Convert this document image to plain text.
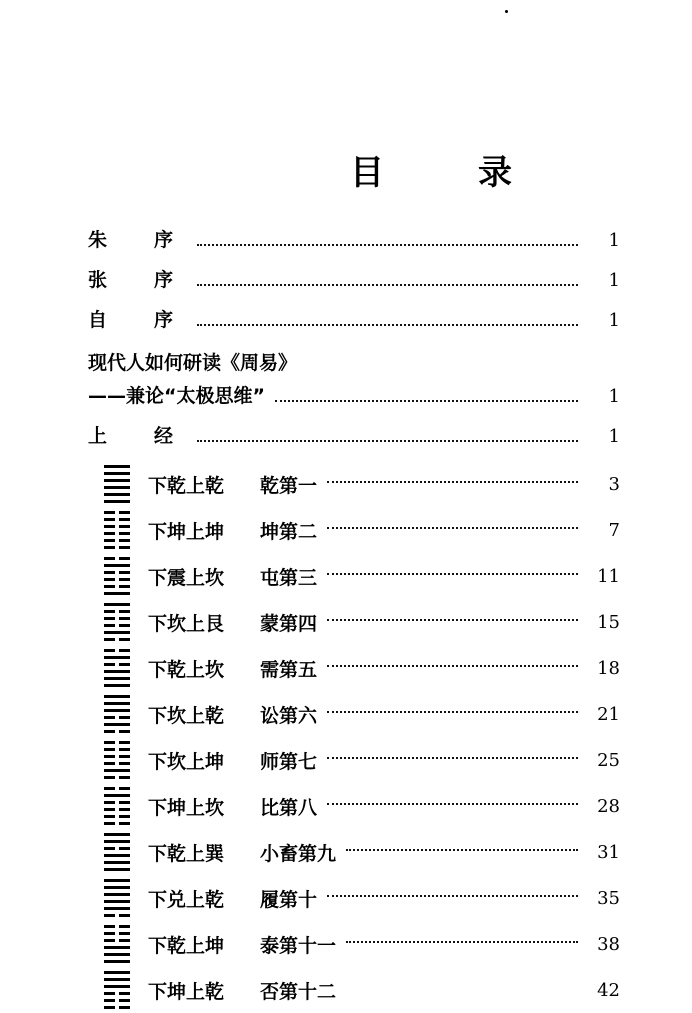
目　录
朱　序	1
张　序	1
自　序	1
现代人如何研读《周易》
——兼论“太极思维”	1
上　经	1
下乾上乾	乾第一	3
下坤上坤	坤第二	7
下震上坎	屯第三	11
下坎上艮	蒙第四	15
下乾上坎	需第五	18
下坎上乾	讼第六	21
下坎上坤	师第七	25
下坤上坎	比第八	28
下乾上巽	小畜第九	31
下兑上乾	履第十	35
下乾上坤	泰第十一	38
下坤上乾	否第十二	42
